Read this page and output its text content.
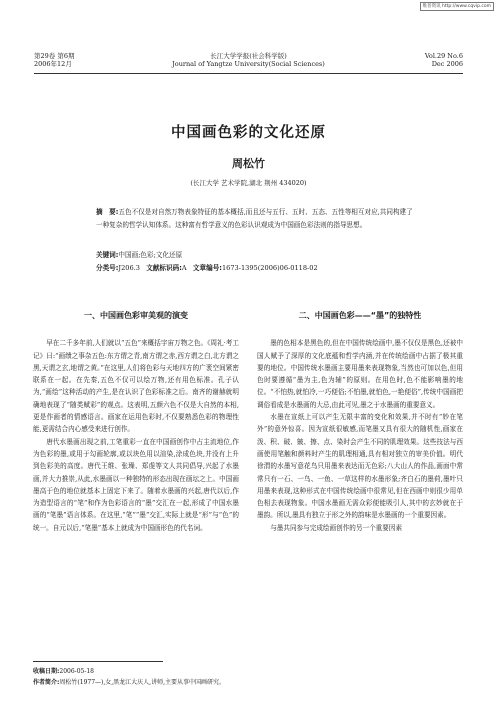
维普资讯 http://www.cqvip.com
第29卷 第6期
2006年12月
长江大学学报(社会科学版)
Journal of Yangtze University(Social Sciences)
Vol.29 No.6
Dec 2006
中国画色彩的文化还原
周松竹
(长江大学 艺术学院,湖北 荆州 434020)

摘　要:五色不仅是对自然万物表象特征的基本概括,而且还与五行、五时、五态、五性等相互对应,共同构建了一种复杂的哲学认知体系。这种富有哲学意义的色彩认识观成为中国画色彩法则的指导思想。

关键词:中国画;色彩;文化还原
分类号:J206.3 文献标识码:A 文章编号:1673-1395(2006)06-0118-02
一、中国画色彩审美观的演变

早在二千多年前,人们就以“五色”来概括宇宙万物之色。《周礼·考工记》曰:“画缋之事杂五色:东方谓之青,南方谓之赤,西方谓之白,北方谓之黑,天谓之玄,地谓之黄。”在这里,人们将色彩与天地四方的广袤空间紧密联系在一起。在先秦,五色不仅可以绘万物,还有用色标准。孔子认为,“画绘”这种活动的产生,是在认识了色彩标准之后。南齐的谢赫就明确地表现了“随类赋彩”的观点。这表明,五颜六色不仅是大自然的本相,更是作画者的情感语言。画家在运用色彩时,不仅要熟悉色彩的物理性能,更需结合内心感受来进行创作。

唐代水墨画出现之前,工笔重彩一直在中国画创作中占主流地位,作为色彩的墨,或用于勾画轮廓,或以块色用以渲染,涂成色块,并没有上升到色彩美的高度。唐代王维、张璪、郑虔等文人共同倡导,兴起了水墨画,并大力推崇,从此,水墨画以一种独特的形态出现在画坛之上。中国画墨高于色的地位就基本上固定下来了。随着水墨画的兴起,唐代以后,作为造型语言的“笔”和作为色彩语言的“墨”交汇在一起,形成了中国水墨画的“笔墨”语言体系。在这里,“笔”“墨”交汇,实际上就是“形”与“色”的统一。自元以后,“笔墨”基本上就成为中国画形色的代名词。

二、中国画色彩——“墨”的独特性

墨的色相本是黑色的,但在中国传统绘画中,墨不仅仅是黑色,还被中国人赋予了深厚的文化底蕴和哲学内涵,并在传统绘画中占据了极其重要的地位。中国传统水墨画主要用墨来表现物象,当然也可加以色,但用色时要遵循“墨为主,色为辅”的原则。在用色时,色不能影响墨的地位。“不怕热,就怕冷,一巧便俗;不怕墨,就怕色,一艳便俗”,传统中国画把调俗看成是水墨画的大忌,由此可见,墨之于水墨画的重要意义。

水墨在宣纸上可以产生无限丰富的变化和效果,并不时有“妙在笔外”的意外惊喜。因为宣纸很敏感,而笔墨又具有很大的随机性,画家在泼、积、破、皴、擦、点、染时会产生不同的肌理效果。这些技法与西画使用笔触和颜料时产生的肌理相通,具有相对独立的审美价值。明代徐渭的水墨写意花鸟只用墨来表达而无色彩;八大山人的作品,画面中常常只有一石、一鸟、一鱼、一草这样的水墨形象;齐白石的墨荷,墨叶只用墨来表现,这种形式在中国传统绘画中很常见,但在西画中则很少用单色相去表现物象。中国水墨画无需众彩便能吸引人,其中的玄妙就在于墨韵。所以,墨具有独立于形之外的韵味是水墨画的一个重要因素。

与墨共同参与完成绘画创作的另一个重要因素

收稿日期:2006-05-18
作者简介:周松竹(1977—),女,黑龙江大庆人,讲师,主要从事中国画研究。
